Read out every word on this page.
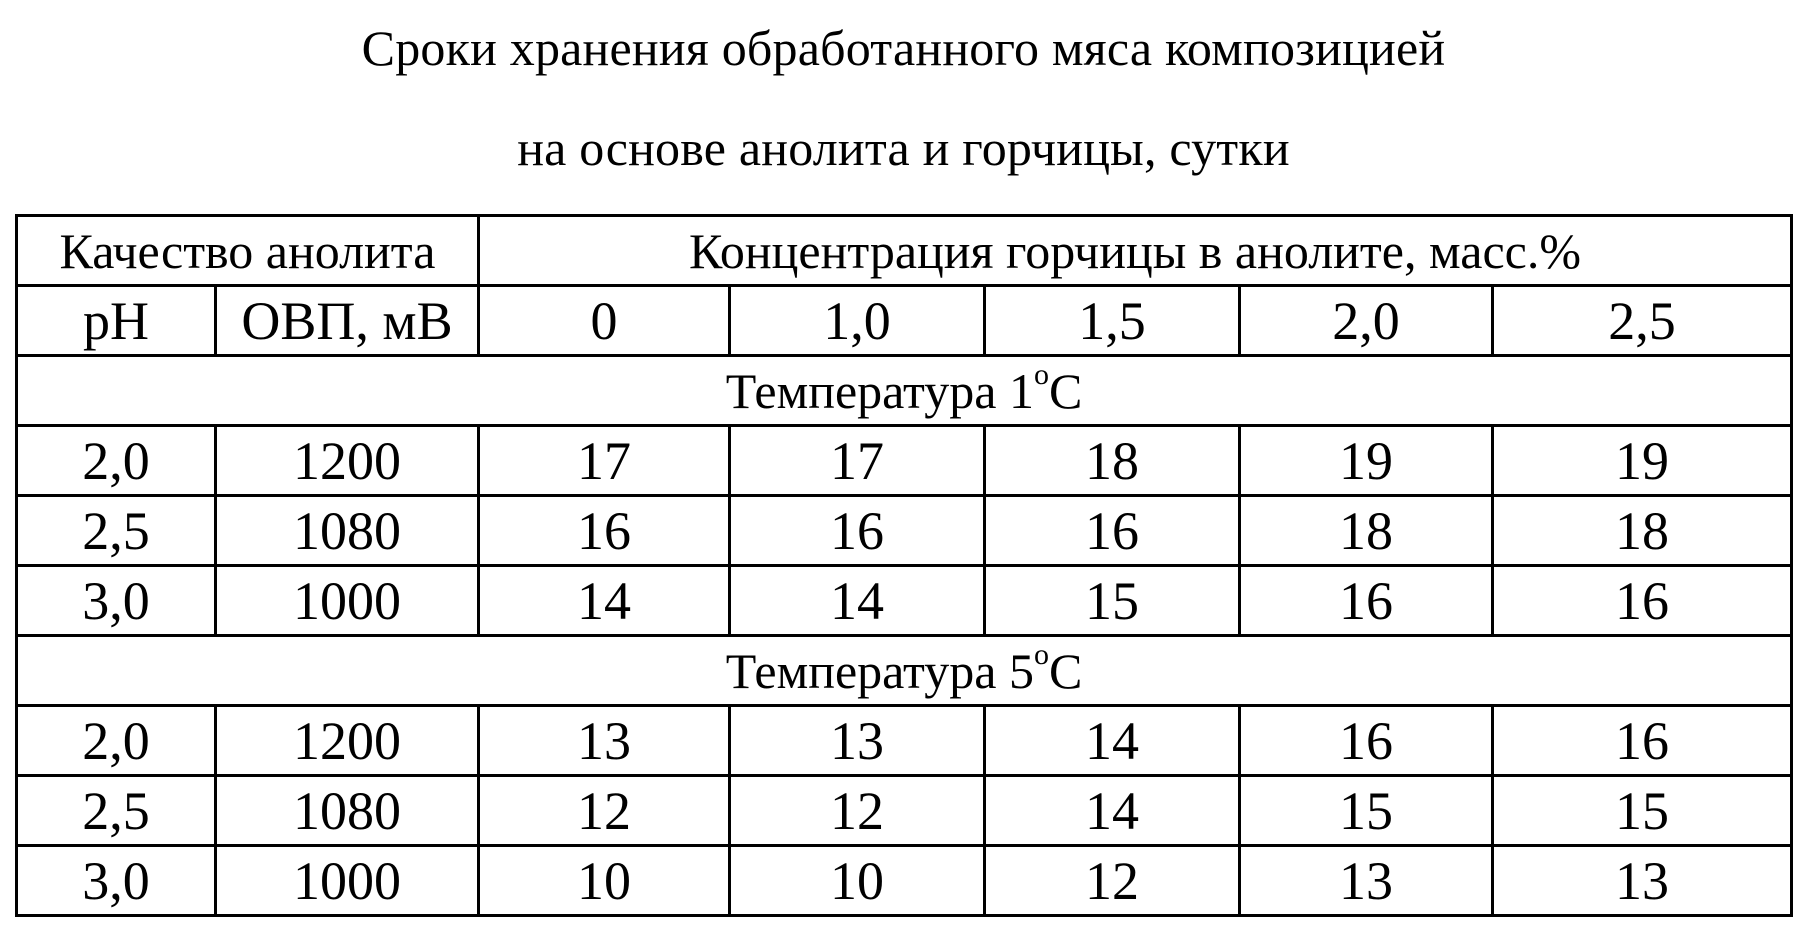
Сроки хранения обработанного мяса композицией
на основе анолита и горчицы, сутки
Качество анолита		Концентрация горчицы в анолите, масс.%				
pH	ОВП, мВ	0	1,0	1,5	2,0	2,5
Температура 1$^o$C						
2,0	1200	17	17	18	19	19
2,5	1080	16	16	16	18	18
3,0	1000	14	14	15	16	16
Температура 5$^o$C						
2,0	1200	13	13	14	16	16
2,5	1080	12	12	14	15	15
3,0	1000	10	10	12	13	13
